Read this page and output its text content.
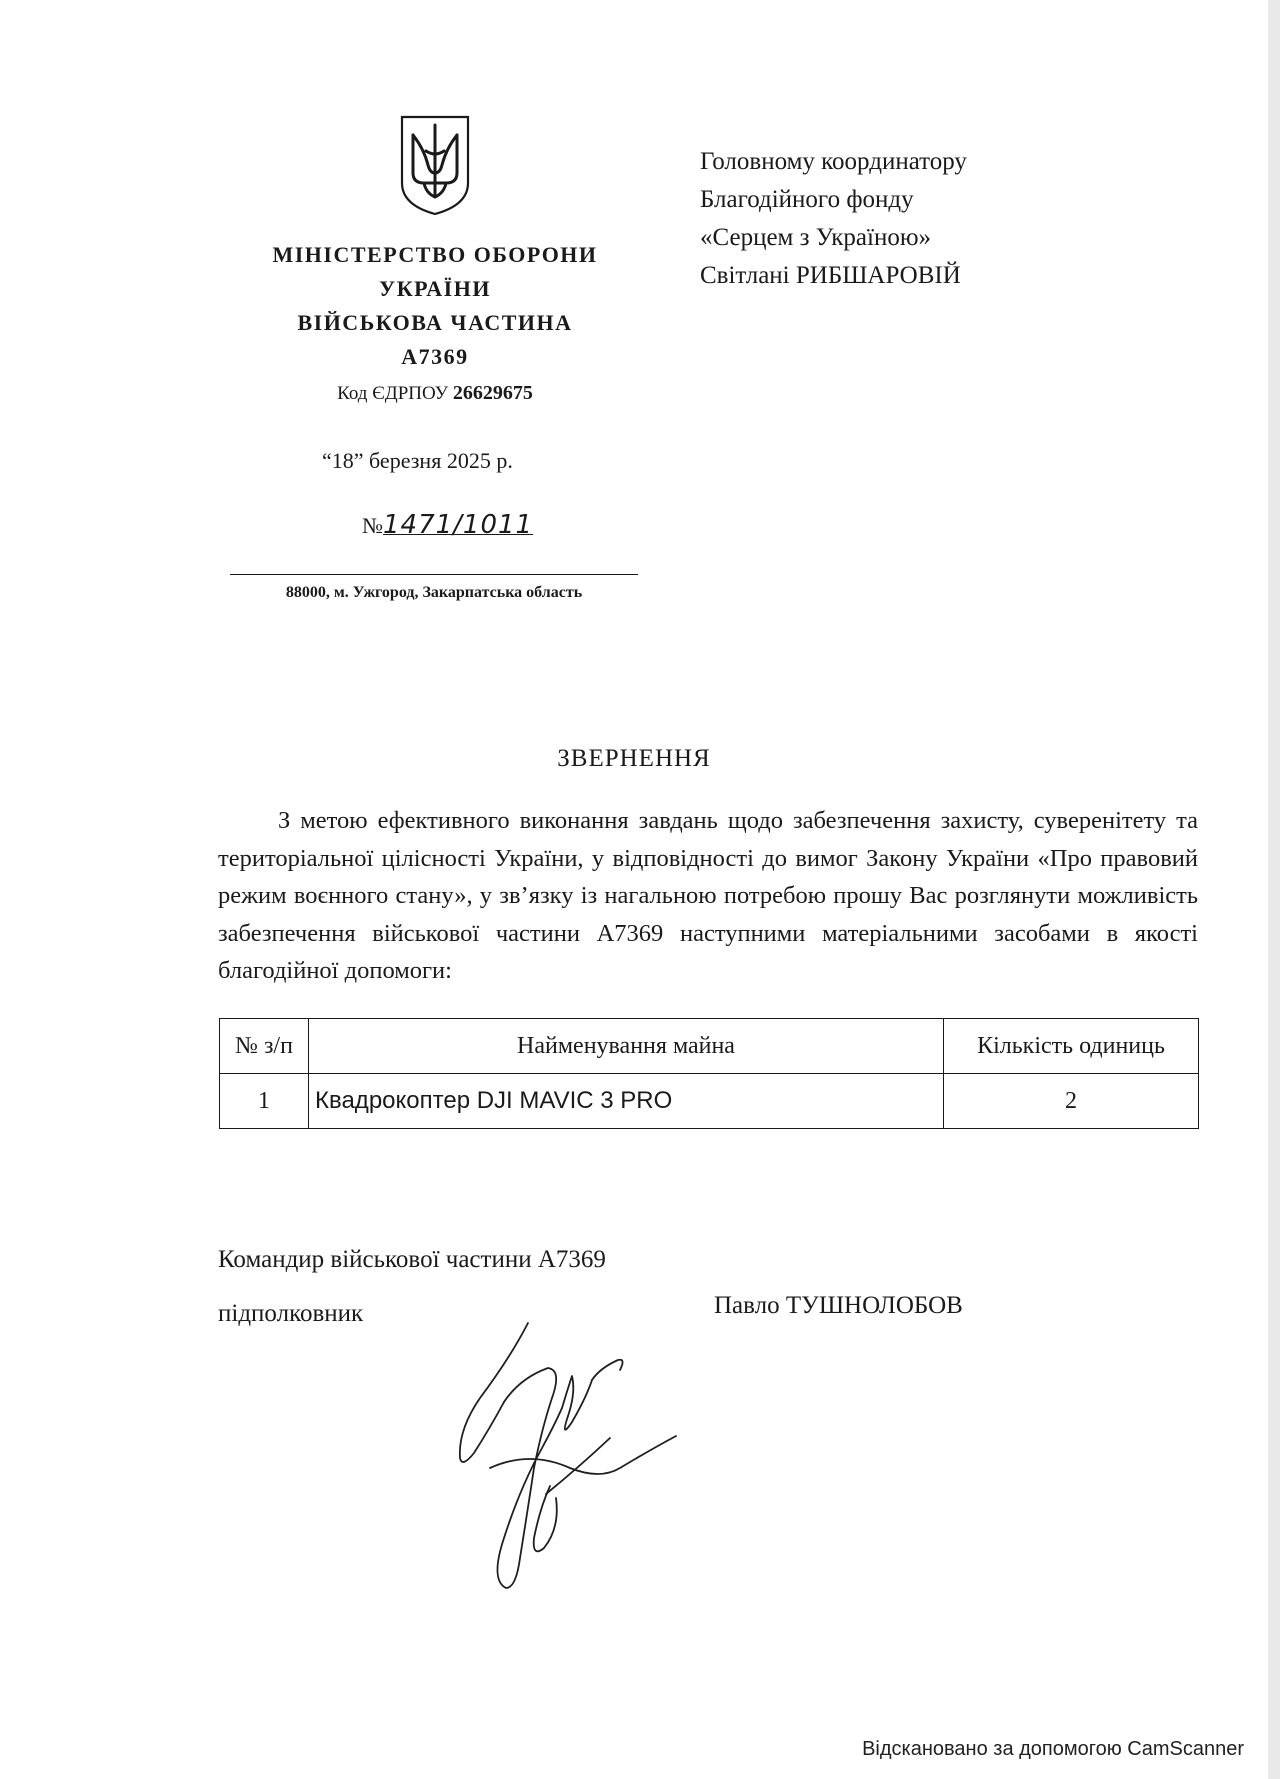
МІНІСТЕРСТВО ОБОРОНИ
УКРАЇНИ
ВІЙСЬКОВА ЧАСТИНА
А7369
Код ЄДРПОУ 26629675
“18” березня 2025 р.
№1471/1011
88000, м. Ужгород, Закарпатська область
Головному координатору
Благодійного фонду
«Серцем з Україною»
Світлані РИБШАРОВІЙ
ЗВЕРНЕННЯ
З метою ефективного виконання завдань щодо забезпечення захисту, суверенітету та територіальної цілісності України, у відповідності до вимог Закону України «Про правовий режим воєнного стану», у зв’язку із нагальною потребою прошу Вас розглянути можливість забезпечення військової частини А7369 наступними матеріальними засобами в якості благодійної допомоги:
№ з/п	Найменування майна	Кількість одиниць
1	Квадрокоптер DJI MAVIC 3 PRO	2
Командир військової частини А7369
підполковник	Павло ТУШНОЛОБОВ
Відскановано за допомогою CamScanner
